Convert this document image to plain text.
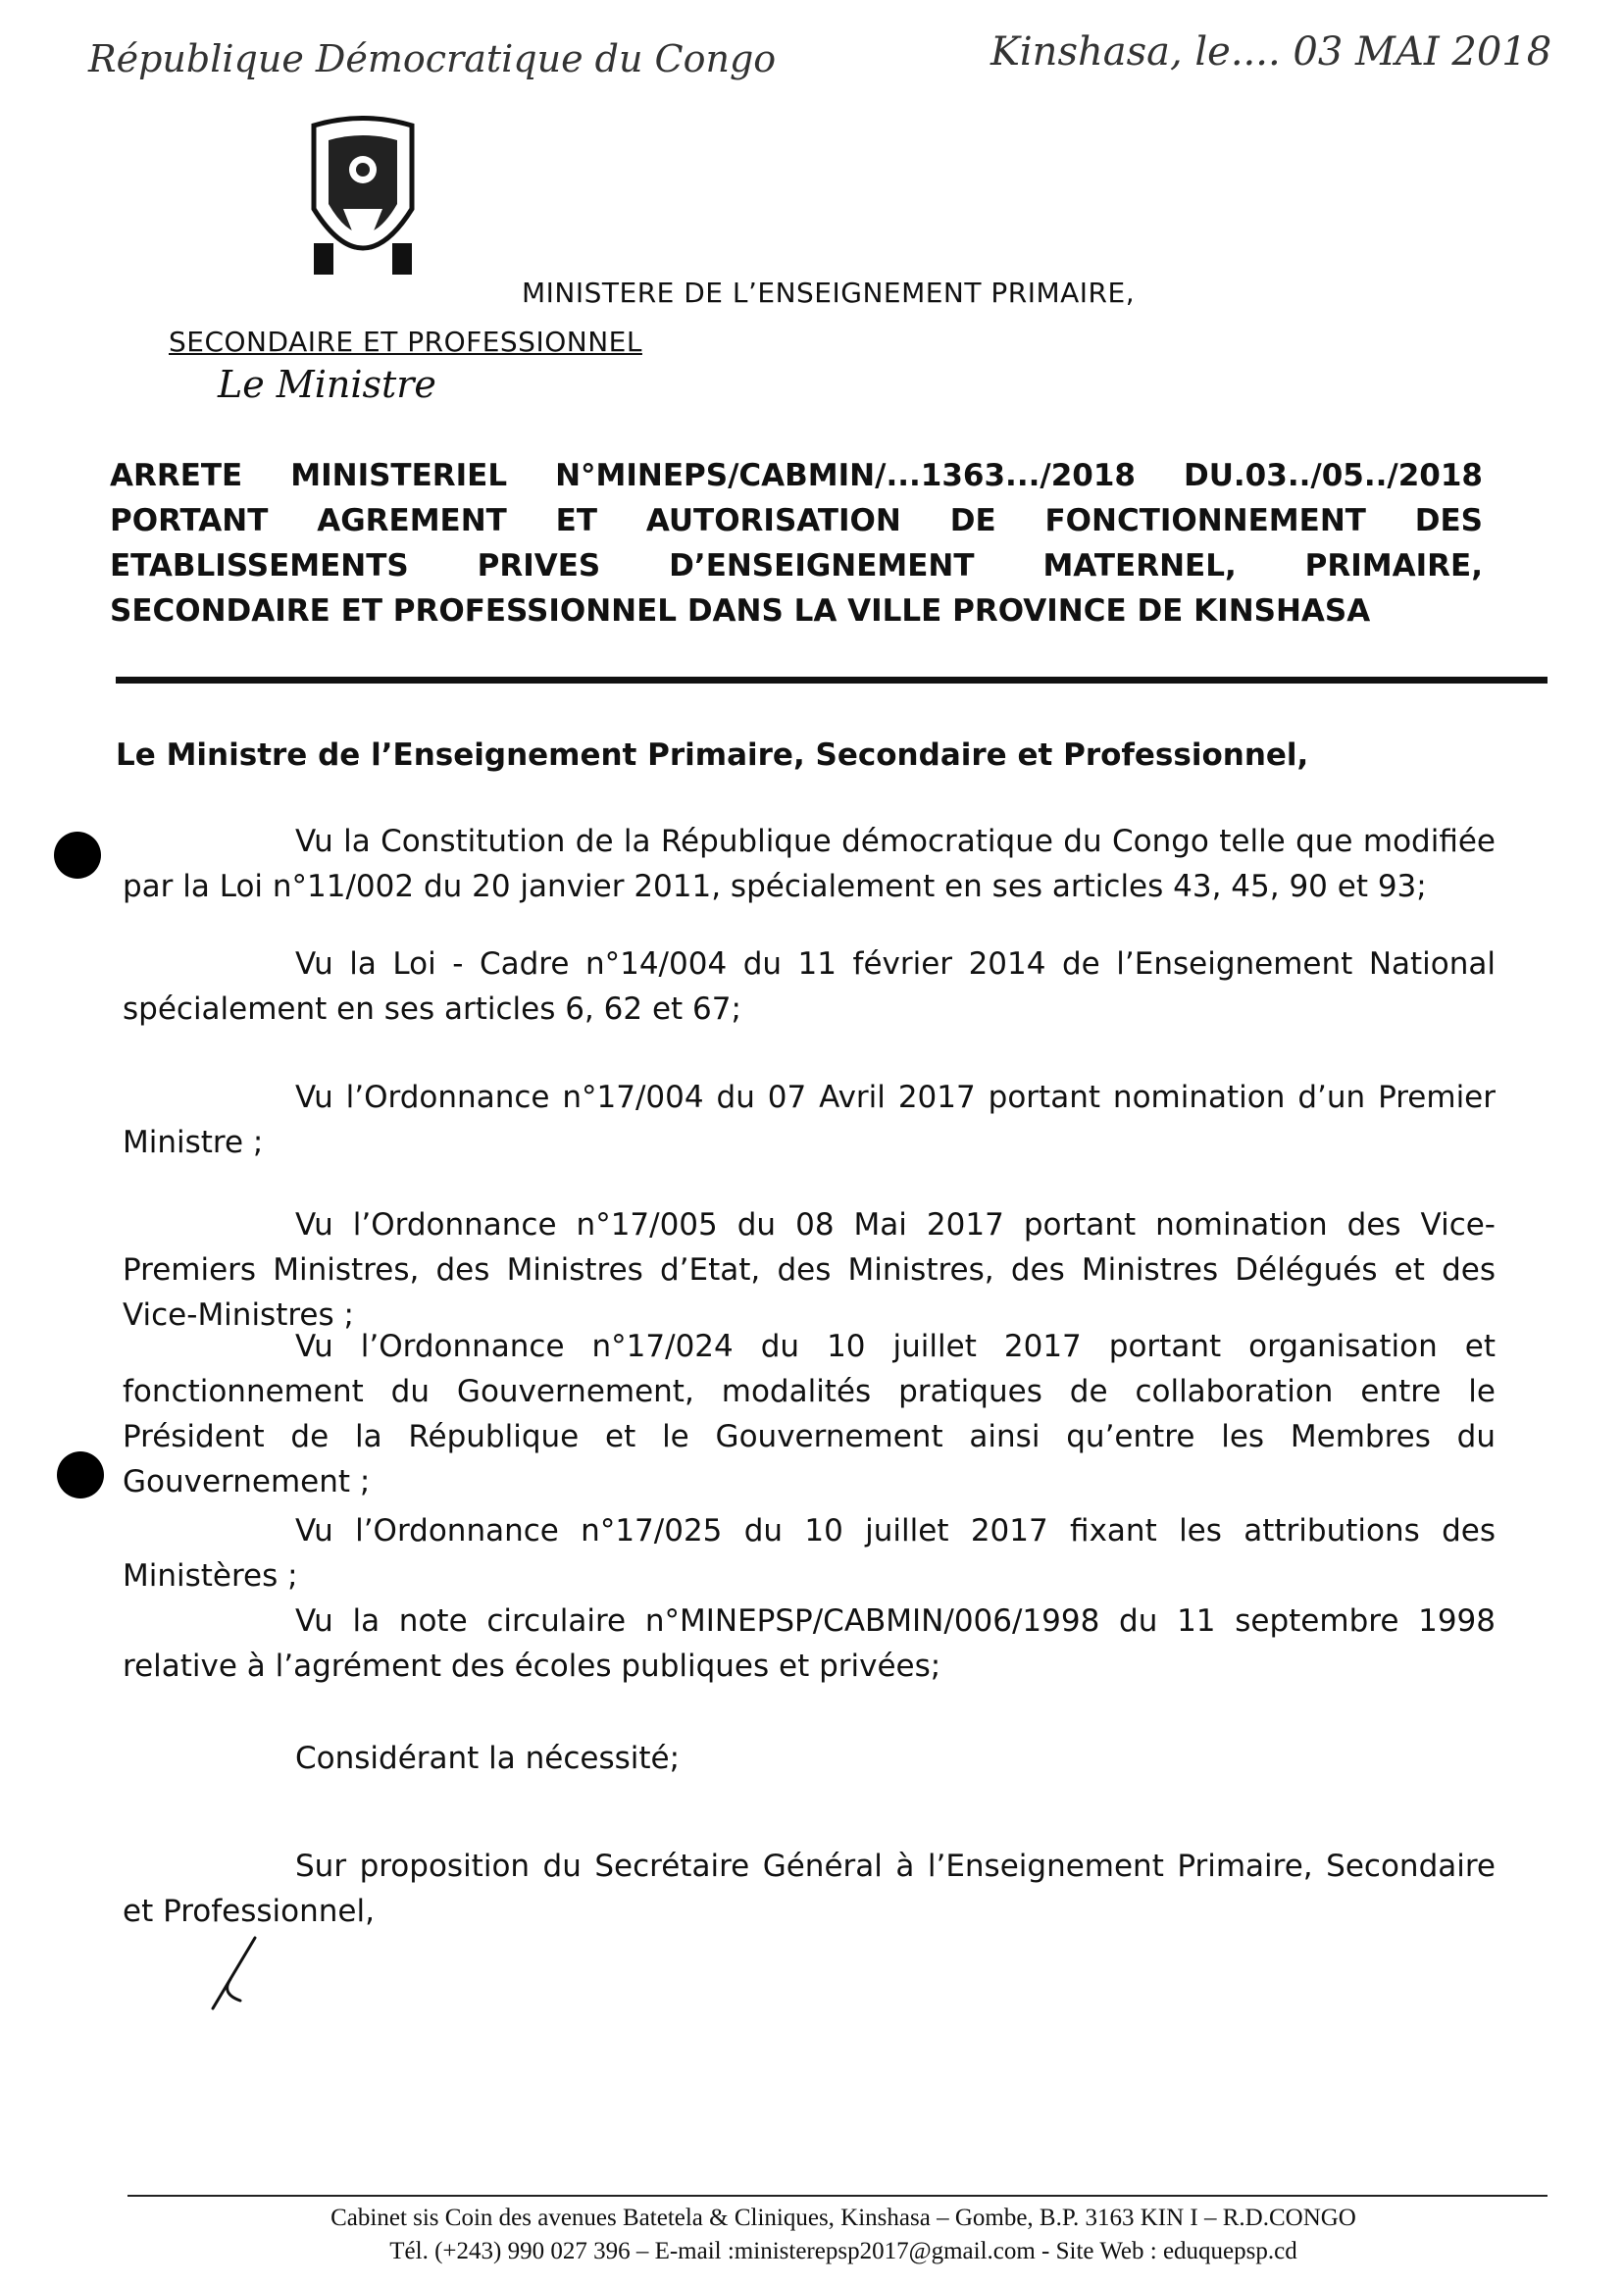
République Démocratique du Congo	Kinshasa, le.... 03 MAI 2018
MINISTERE DE L’ENSEIGNEMENT PRIMAIRE,
SECONDAIRE ET PROFESSIONNEL
Le Ministre
ARRETE MINISTERIEL N°MINEPS/CABMIN/...1363.../2018 DU.03../05../2018
PORTANT AGREMENT ET AUTORISATION DE FONCTIONNEMENT DES
ETABLISSEMENTS PRIVES D’ENSEIGNEMENT MATERNEL, PRIMAIRE,
SECONDAIRE ET PROFESSIONNEL DANS LA VILLE PROVINCE DE KINSHASA
Le Ministre de l’Enseignement Primaire, Secondaire et Professionnel,
Vu la Constitution de la République démocratique du Congo telle que modifiée par la Loi n°11/002 du 20 janvier 2011, spécialement en ses articles 43, 45, 90 et 93;
Vu la Loi - Cadre n°14/004 du 11 février 2014 de l’Enseignement National spécialement en ses articles 6, 62 et 67;
Vu l’Ordonnance n°17/004 du 07 Avril 2017 portant nomination d’un Premier Ministre ;
Vu l’Ordonnance n°17/005 du 08 Mai 2017 portant nomination des Vice-Premiers Ministres, des Ministres d’Etat, des Ministres, des Ministres Délégués et des Vice-Ministres ;
Vu l’Ordonnance n°17/024 du 10 juillet 2017 portant organisation et fonctionnement du Gouvernement, modalités pratiques de collaboration entre le Président de la République et le Gouvernement ainsi qu’entre les Membres du Gouvernement ;
Vu l’Ordonnance n°17/025 du 10 juillet 2017 fixant les attributions des Ministères ;
Vu la note circulaire n°MINEPSP/CABMIN/006/1998 du 11 septembre 1998 relative à l’agrément des écoles publiques et privées;
Considérant la nécessité;
Sur proposition du Secrétaire Général à l’Enseignement Primaire, Secondaire et Professionnel,
Cabinet sis Coin des avenues Batetela & Cliniques, Kinshasa – Gombe, B.P. 3163 KIN I – R.D.CONGO
Tél. (+243) 990 027 396 – E-mail :ministerepsp2017@gmail.com - Site Web : eduquepsp.cd
